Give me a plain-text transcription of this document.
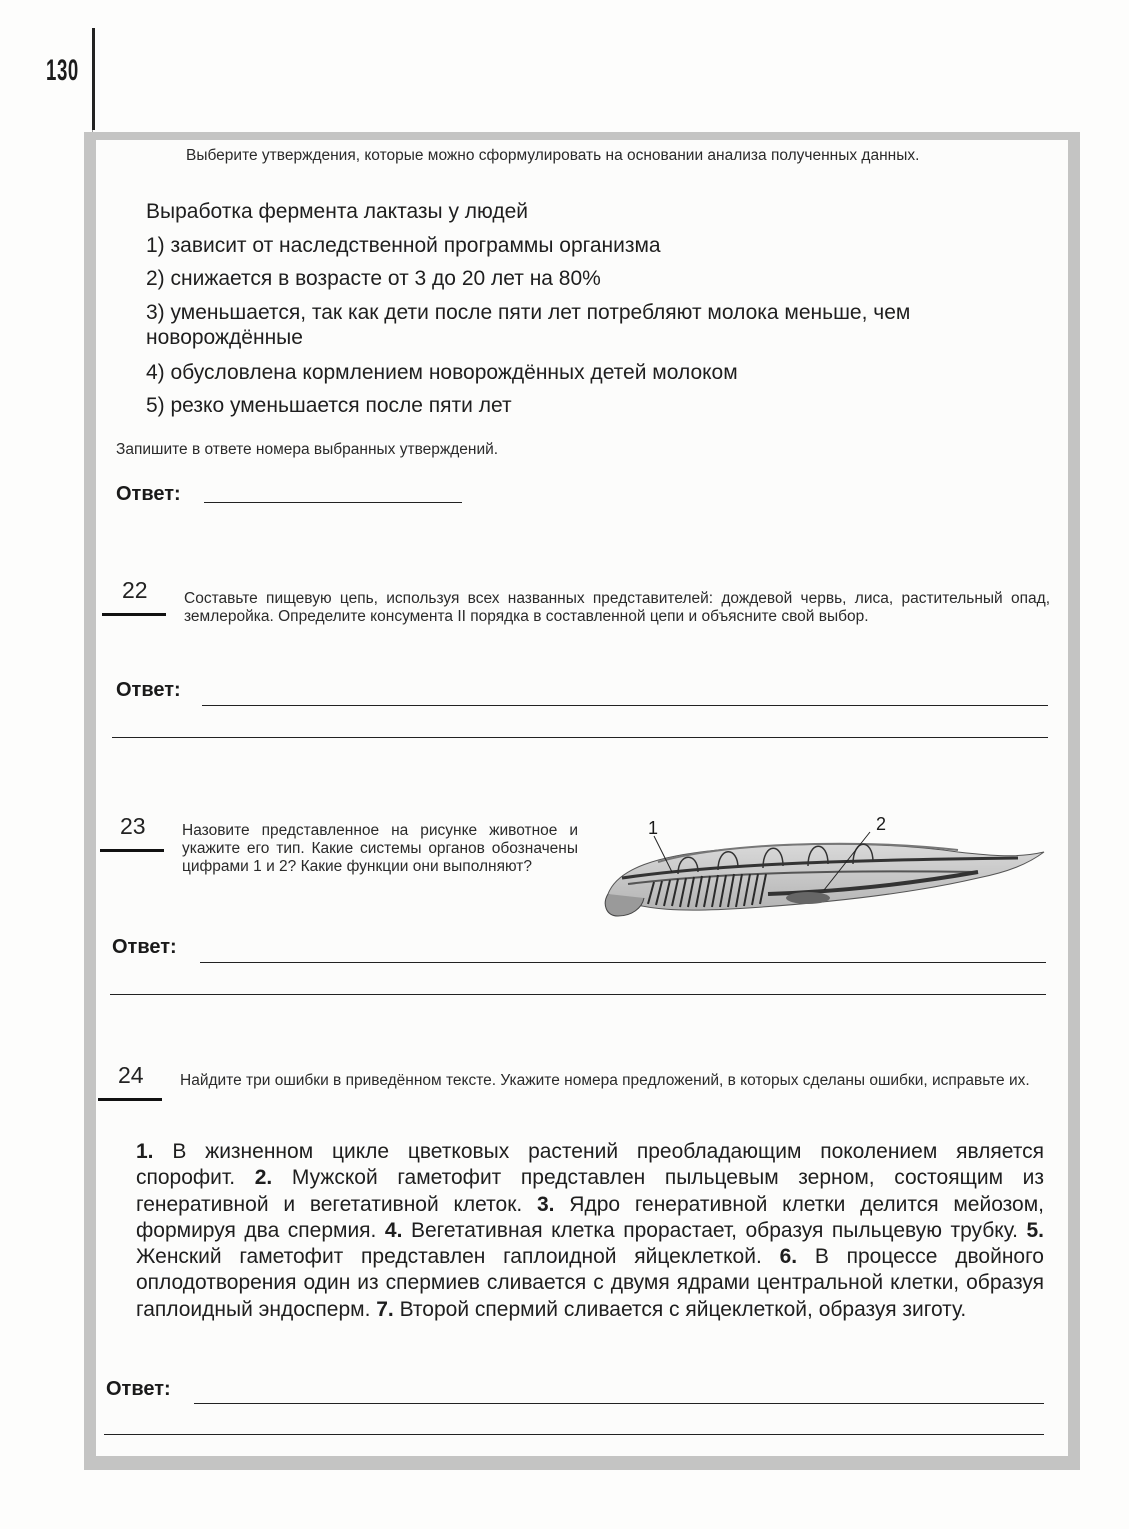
130
Выберите утверждения, которые можно сформулировать на основании анализа полученных данных.
Выработка фермента лактазы у людей
1) зависит от наследственной программы организма
2) снижается в возрасте от 3 до 20 лет на 80%
3) уменьшается, так как дети после пяти лет потребляют молока меньше, чем новорождённые
4) обусловлена кормлением новорождённых детей молоком
5) резко уменьшается после пяти лет
Запишите в ответе номера выбранных утверждений.
Ответ:
22 Составьте пищевую цепь, используя всех названных представителей: дождевой червь, лиса, растительный опад, землеройка. Определите консумента II порядка в составленной цепи и объясните свой выбор.
Ответ:
23 Назовите представленное на рисунке животное и укажите его тип. Какие системы органов обозначены цифрами 1 и 2? Какие функции они выполняют?
1	2
Ответ:
24 Найдите три ошибки в приведённом тексте. Укажите номера предложений, в которых сделаны ошибки, исправьте их.
1. В жизненном цикле цветковых растений преобладающим поколением является спорофит. 2. Мужской гаметофит представлен пыльцевым зерном, состоящим из генеративной и вегетативной клеток. 3. Ядро генеративной клетки делится мейозом, формируя два спермия. 4. Вегетативная клетка прорастает, образуя пыльцевую трубку. 5. Женский гаметофит представлен гаплоидной яйцеклеткой. 6. В процессе двойного оплодотворения один из спермиев сливается с двумя ядрами центральной клетки, образуя гаплоидный эндосперм. 7. Второй спермий сливается с яйцеклеткой, образуя зиготу.
Ответ:
